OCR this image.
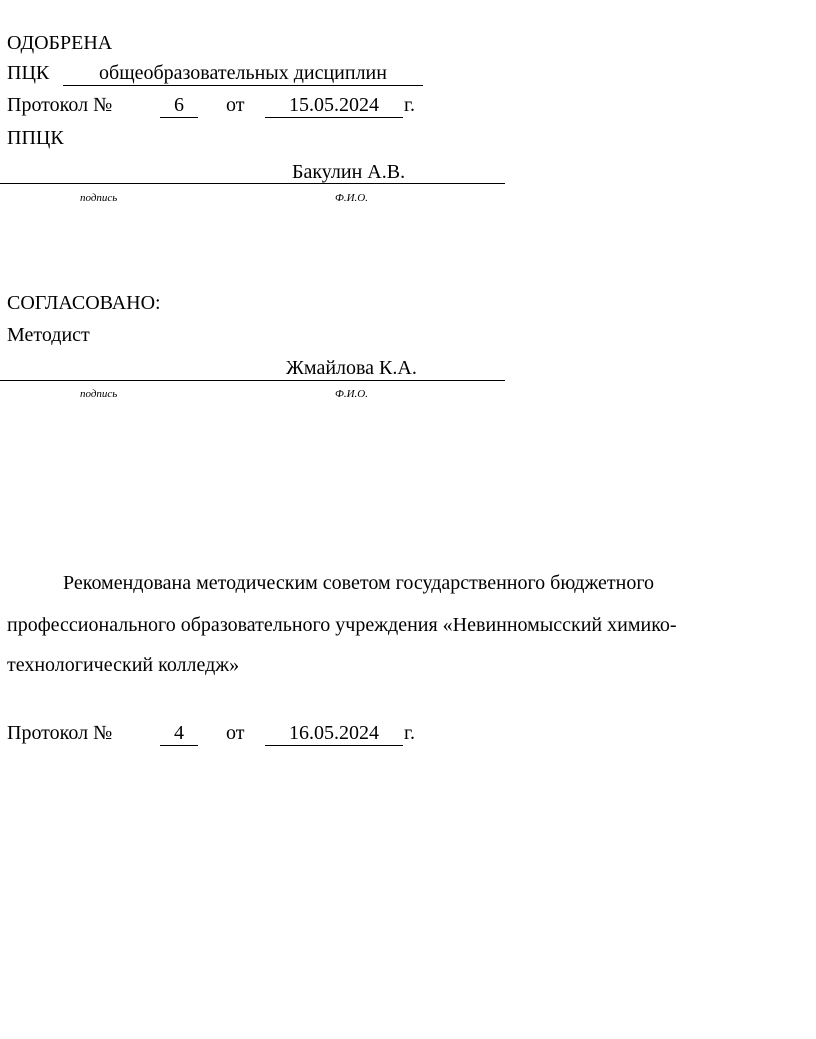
ОДОБРЕНА
ПЦК	общеобразовательных дисциплин
Протокол №	6	от	15.05.2024	г.
ППЦК
Бакулин А.В.
подпись	Ф.И.О.
СОГЛАСОВАНО:
Методист
Жмайлова К.А.
подпись	Ф.И.О.
Рекомендована методическим советом государственного бюджетного
профессионального образовательного учреждения «Невинномысский химико-
технологический колледж»
Протокол №	4	от	16.05.2024	г.
